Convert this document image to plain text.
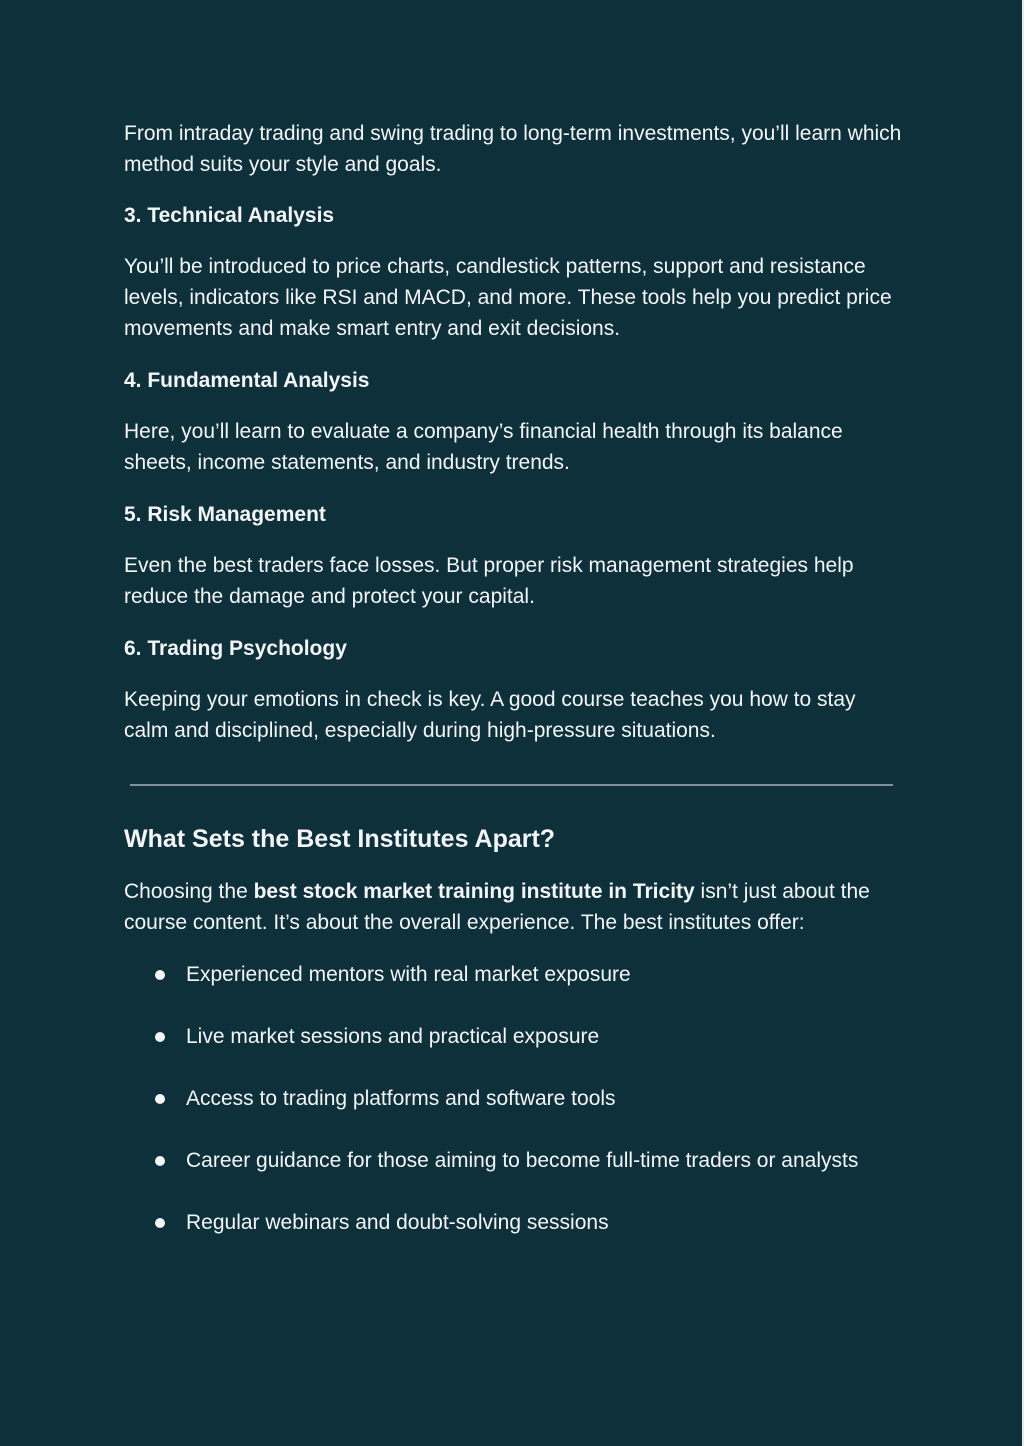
From intraday trading and swing trading to long-term investments, you’ll learn which method suits your style and goals.

3. Technical Analysis

You’ll be introduced to price charts, candlestick patterns, support and resistance levels, indicators like RSI and MACD, and more. These tools help you predict price movements and make smart entry and exit decisions.

4. Fundamental Analysis

Here, you’ll learn to evaluate a company’s financial health through its balance sheets, income statements, and industry trends.

5. Risk Management

Even the best traders face losses. But proper risk management strategies help reduce the damage and protect your capital.

6. Trading Psychology

Keeping your emotions in check is key. A good course teaches you how to stay calm and disciplined, especially during high-pressure situations.

What Sets the Best Institutes Apart?

Choosing the best stock market training institute in Tricity isn’t just about the course content. It’s about the overall experience. The best institutes offer:

Experienced mentors with real market exposure
Live market sessions and practical exposure
Access to trading platforms and software tools
Career guidance for those aiming to become full-time traders or analysts
Regular webinars and doubt-solving sessions
